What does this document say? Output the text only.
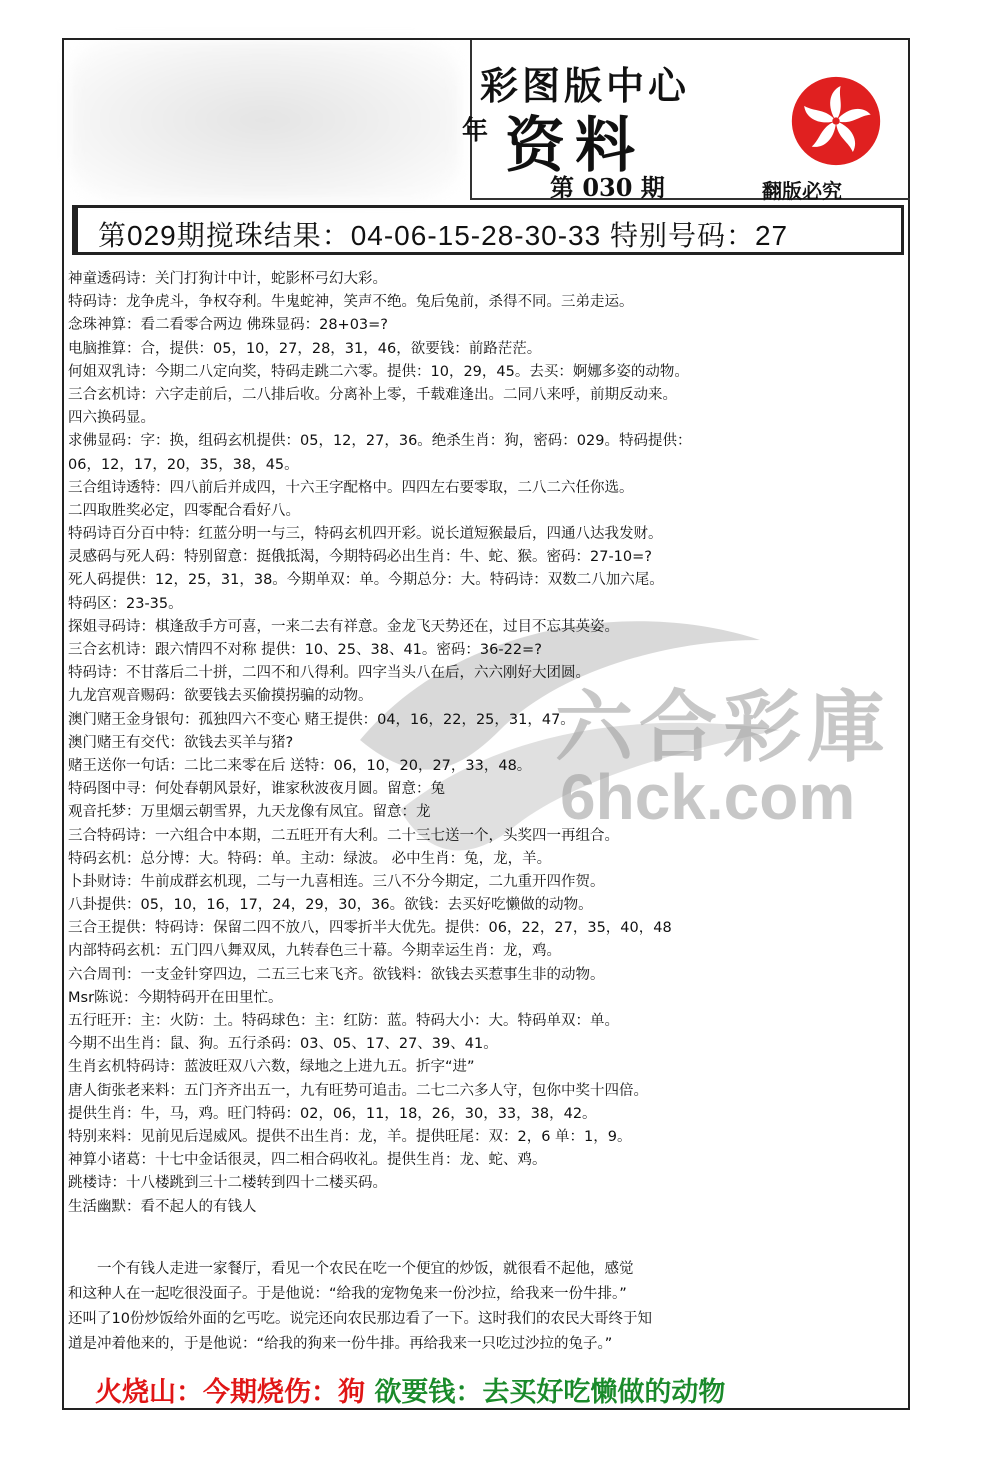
彩图版中心
年 资料
第 030 期	翻版必究
第029期搅珠结果：04-06-15-28-30-33 特别号码：27
六合彩庫
6hck.com
神童透码诗：关门打狗计中计，蛇影杯弓幻大彩。
特码诗：龙争虎斗，争权夺利。牛鬼蛇神，笑声不绝。兔后兔前，杀得不同。三弟走运。
念珠神算：看二看零合两边 佛珠显码：28+03=?
电脑推算：合，提供：05，10，27，28，31，46，欲要钱：前路茫茫。
何姐双乳诗：今期二八定向奖，特码走跳二六零。提供：10，29，45。去买：婀娜多姿的动物。
三合玄机诗：六字走前后，二八排后收。分离补上零，千载难逢出。二同八来呼，前期反动来。
四六换码显。
求佛显码：字：换，组码玄机提供：05，12，27，36。绝杀生肖：狗，密码：029。特码提供：
06，12，17，20，35，38，45。
三合组诗透特：四八前后并成四，十六王字配格中。四四左右要零取，二八二六任你选。
二四取胜奖必定，四零配合看好八。
特码诗百分百中特：红蓝分明一与三，特码玄机四开彩。说长道短猴最后，四通八达我发财。
灵感码与死人码：特别留意：挺俄抵渴，今期特码必出生肖：牛、蛇、猴。密码：27-10=?
死人码提供：12，25，31，38。今期单双：单。今期总分：大。特码诗：双数二八加六尾。
特码区：23-35。
探姐寻码诗：棋逢敌手方可喜，一来二去有祥意。金龙飞天势还在，过目不忘其英姿。
三合玄机诗：跟六情四不对称 提供：10、25、38、41。密码：36-22=?
特码诗：不甘落后二十拼，二四不和八得利。四字当头八在后，六六刚好大团圆。
九龙宫观音赐码：欲要钱去买偷摸拐骗的动物。
澳门赌王金身银句：孤独四六不变心 赌王提供：04，16，22，25，31，47。
澳门赌王有交代：欲钱去买羊与猪?
赌王送你一句话：二比二来零在后 送特：06，10，20，27，33，48。
特码图中寻：何处春朝风景好，谁家秋波夜月圆。留意：兔
观音托梦：万里烟云朝雪界，九天龙像有凤宜。留意：龙
三合特码诗：一六组合中本期，二五旺开有大利。二十三七送一个，头奖四一再组合。
特码玄机：总分博：大。特码：单。主动：绿波。 必中生肖：兔，龙，羊。
卜卦财诗：牛前成群玄机现，二与一九喜相连。三八不分今期定，二九重开四作贺。
八卦提供：05，10，16，17，24，29，30，36。欲钱：去买好吃懒做的动物。
三合王提供：特码诗：保留二四不放八，四零折半大优先。提供：06，22，27，35，40，48
内部特码玄机：五门四八舞双凤，九转春色三十幕。今期幸运生肖：龙，鸡。
六合周刊：一支金针穿四边，二五三七来飞齐。欲钱料：欲钱去买惹事生非的动物。
Msr陈说：今期特码开在田里忙。
五行旺开：主：火防：土。特码球色：主：红防：蓝。特码大小：大。特码单双：单。
今期不出生肖：鼠、狗。五行杀码：03、05、17、27、39、41。
生肖玄机特码诗：蓝波旺双八六数，绿地之上进九五。折字“进”
唐人街张老来料：五门齐齐出五一，九有旺势可追击。二七二六多人守，包你中奖十四倍。
提供生肖：牛，马，鸡。旺门特码：02，06，11，18，26，30，33，38，42。
特别来料：见前见后逞威风。提供不出生肖：龙，羊。提供旺尾：双：2，6 单：1，9。
神算小诸葛：十七中金话很灵，四二相合码收礼。提供生肖：龙、蛇、鸡。
跳楼诗：十八楼跳到三十二楼转到四十二楼买码。
生活幽默：看不起人的有钱人

　　一个有钱人走进一家餐厅，看见一个农民在吃一个便宜的炒饭，就很看不起他，感觉

和这种人在一起吃很没面子。于是他说：“给我的宠物兔来一份沙拉，给我来一份牛排。”

还叫了10份炒饭给外面的乞丐吃。说完还向农民那边看了一下。这时我们的农民大哥终于知

道是冲着他来的，于是他说：“给我的狗来一份牛排。再给我来一只吃过沙拉的兔子。”

火烧山：今期烧伤：狗 欲要钱：去买好吃懒做的动物
